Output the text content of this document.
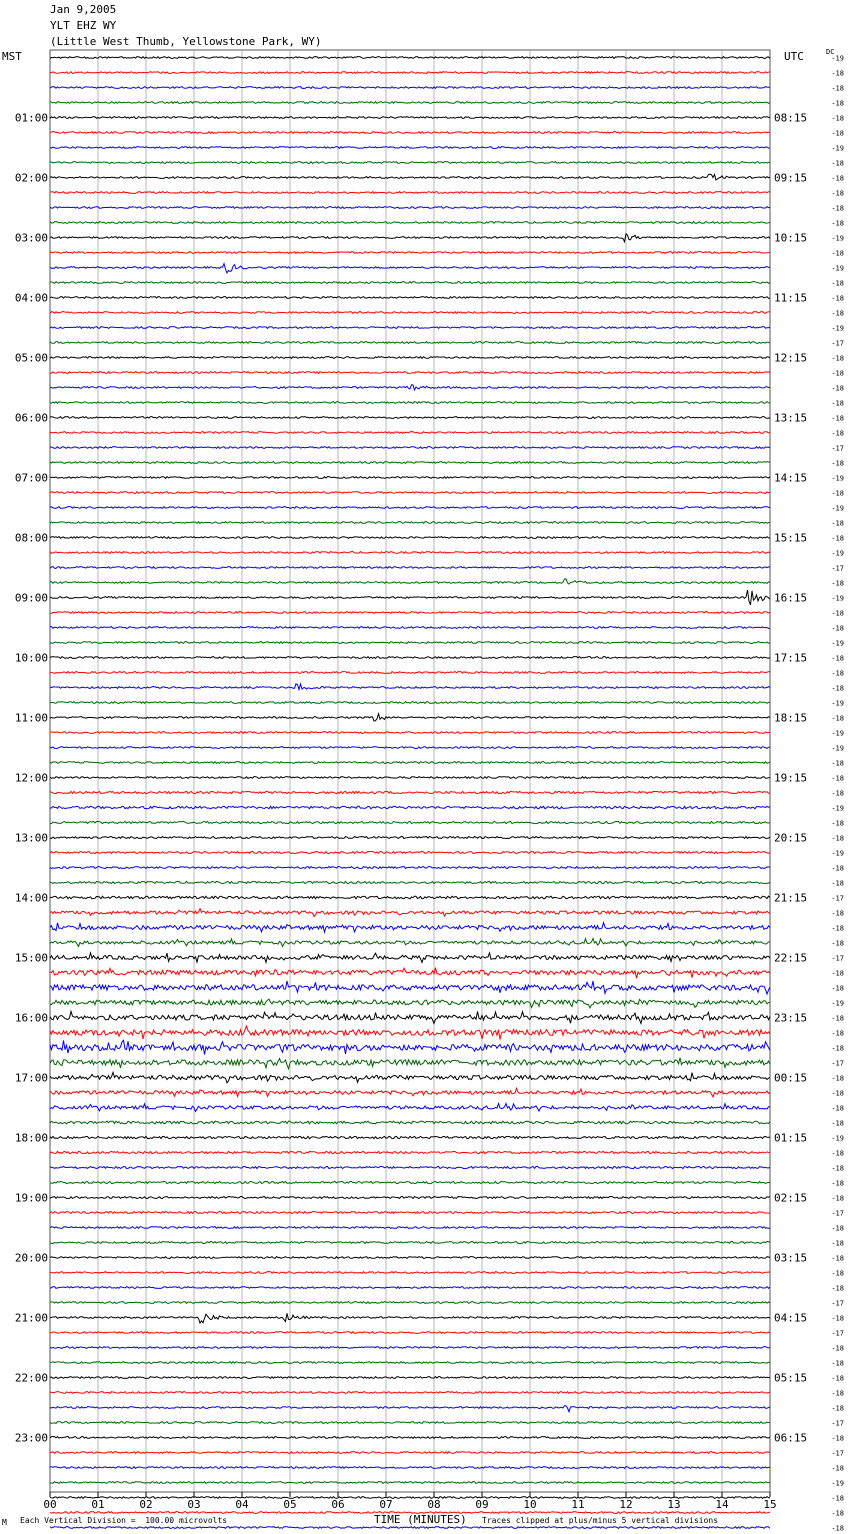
Jan 9,2005
YLT EHZ WY
(Little West Thumb, Yellowstone Park, WY)
MST	UTC	DC
-19
-18
-18
-18
-18
-18
-19
-18
-18
-18
-18
-18
-19
-18
-19
-18
-18
-18
-19
-17
-18
-18
-18
-18
-18
-18
-17
-18
-19
-18
-19
-18
-18
-19
-17
-18
-19
-18
-18
-19
-18
-18
-18
-19
-18
-19
-19
-18
-18
-18
-19
-18
-18
-19
-18
-18
-17
-18
-18
-18
-17
-18
-18
-19
-18
-18
-18
-17
-18
-18
-18
-18
-19
-18
-18
-18
-18
-17
-18
-18
-18
-18
-18
-17
-18
-17
-18
-18
-18
-18
-18
-17
-18
-17
-18
-19
-18
-18
-18
01:00
02:00
03:00
04:00
05:00
06:00
07:00
08:00
09:00
10:00
11:00
12:00
13:00
14:00
15:00
16:00
17:00
18:00
19:00
20:00
21:00
22:00
23:00
08:15
09:15
10:15
11:15
12:15
13:15
14:15
15:15
16:15
17:15
18:15
19:15
20:15
21:15
22:15
23:15
00:15
01:15
02:15
03:15
04:15
05:15
06:15
00	01	02	03	04	05	06	07	08	09	10	11	12	13	14	15
M Each Vertical Division =  100.00 microvolts	Traces clipped at plus/minus 5 vertical divisions
TIME (MINUTES)
